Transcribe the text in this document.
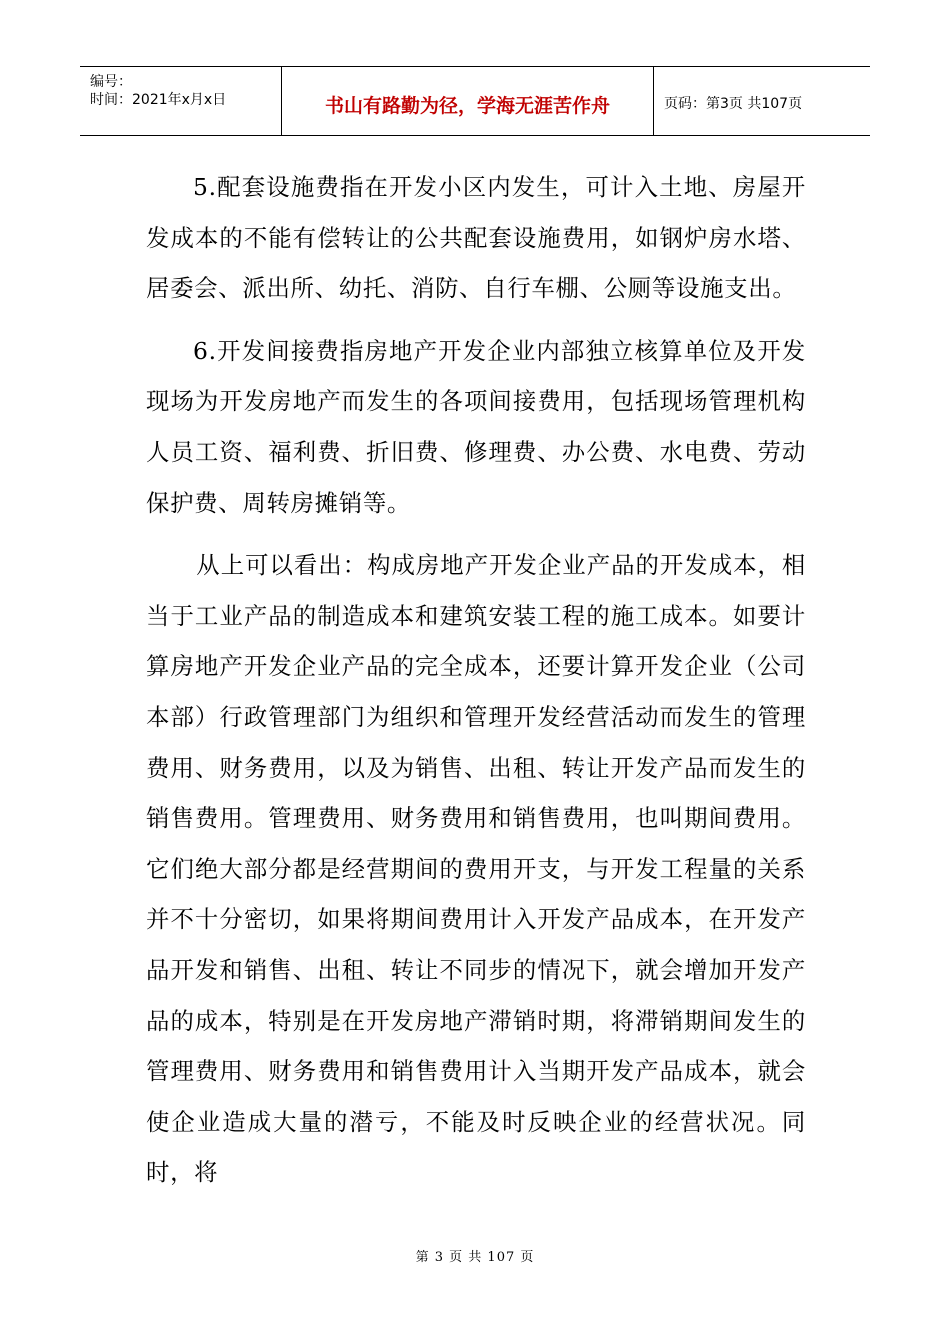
编号：
时间：2021年x月x日	书山有路勤为径，学海无涯苦作舟	页码：第3页 共107页

5.配套设施费指在开发小区内发生，可计入土地、房屋开发成本的不能有偿转让的公共配套设施费用，如钢炉房水塔、居委会、派出所、幼托、消防、自行车棚、公厕等设施支出。

6.开发间接费指房地产开发企业内部独立核算单位及开发现场为开发房地产而发生的各项间接费用，包括现场管理机构人员工资、福利费、折旧费、修理费、办公费、水电费、劳动保护费、周转房摊销等。

从上可以看出：构成房地产开发企业产品的开发成本，相当于工业产品的制造成本和建筑安装工程的施工成本。如要计算房地产开发企业产品的完全成本，还要计算开发企业（公司本部）行政管理部门为组织和管理开发经营活动而发生的管理费用、财务费用，以及为销售、出租、转让开发产品而发生的销售费用。管理费用、财务费用和销售费用，也叫期间费用。它们绝大部分都是经营期间的费用开支，与开发工程量的关系并不十分密切，如果将期间费用计入开发产品成本，在开发产品开发和销售、出租、转让不同步的情况下，就会增加开发产品的成本，特别是在开发房地产滞销时期，将滞销期间发生的管理费用、财务费用和销售费用计入当期开发产品成本，就会使企业造成大量的潜亏，不能及时反映企业的经营状况。同时，将

第 3 页 共 107 页
